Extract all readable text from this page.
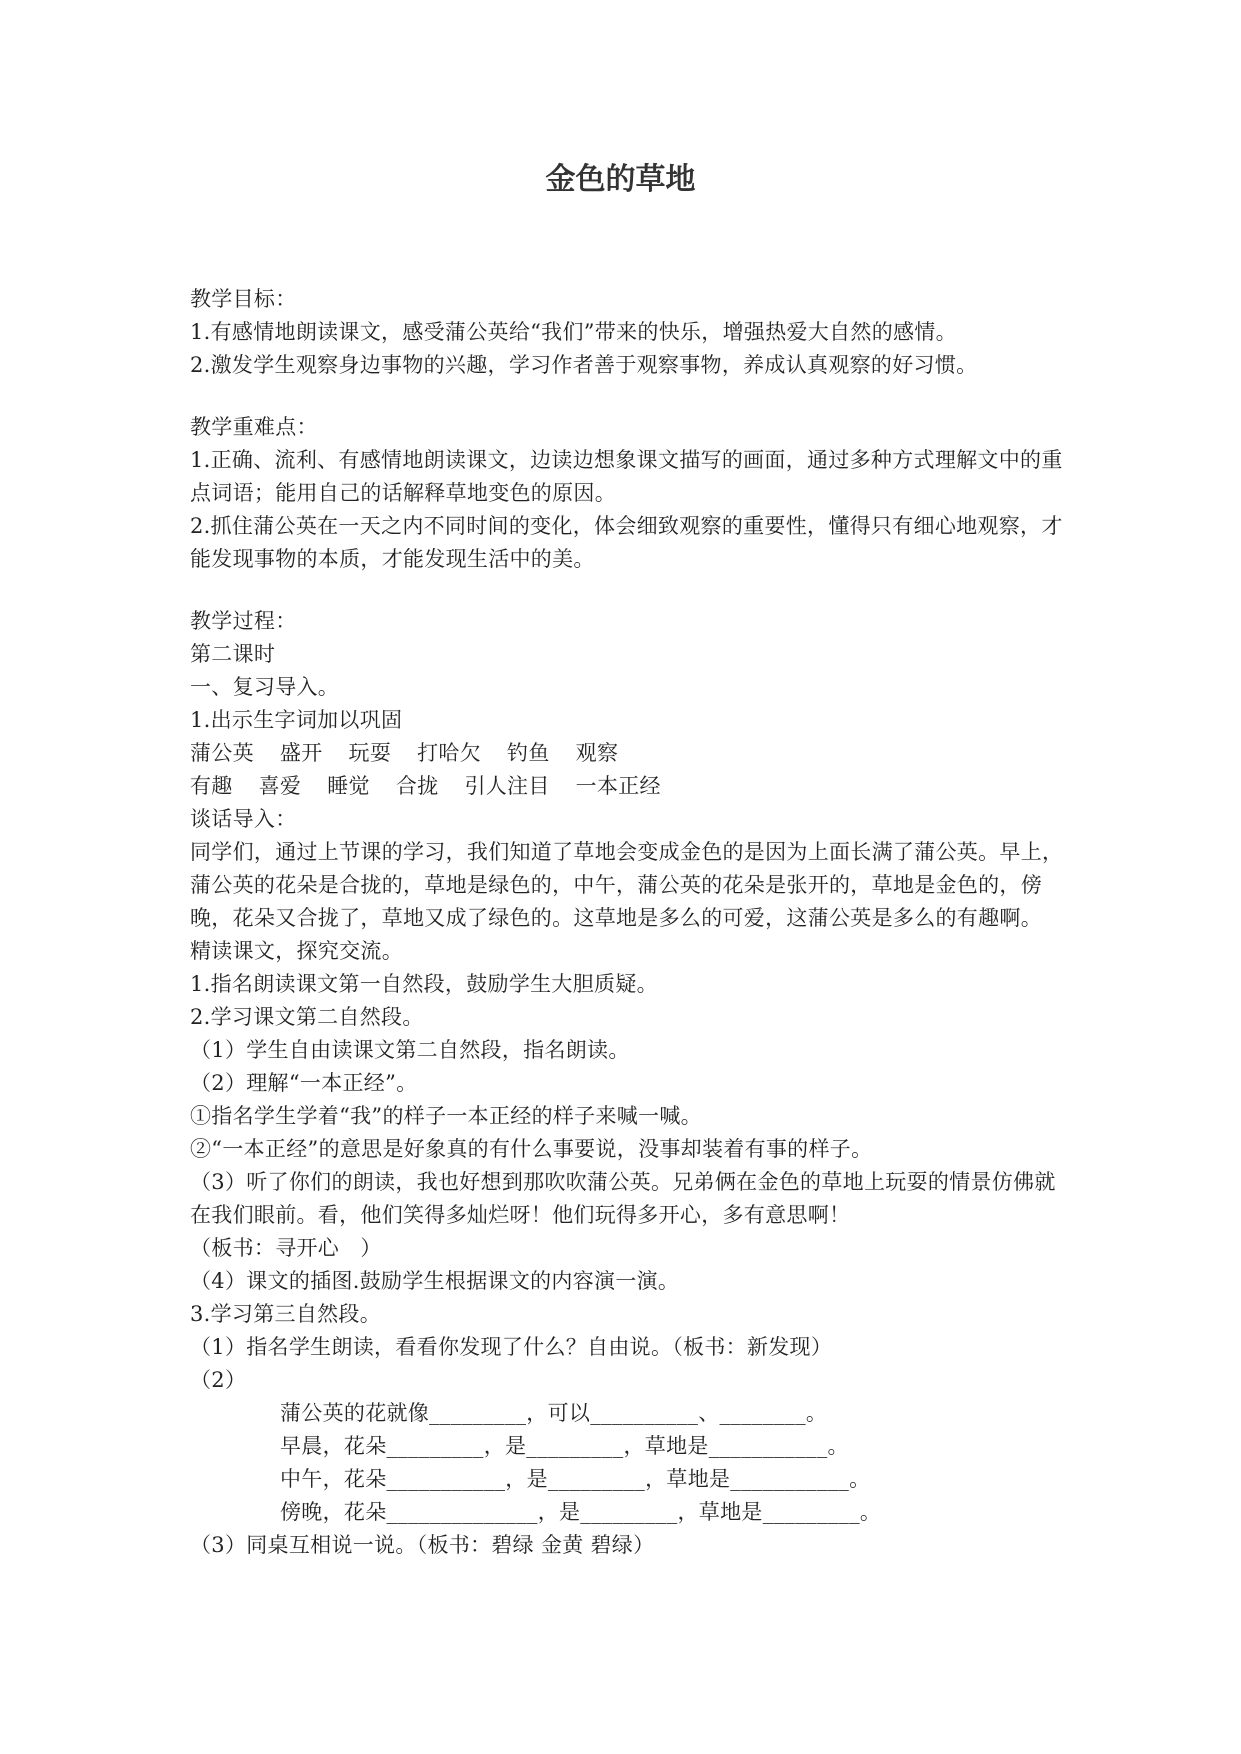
金色的草地
教学目标：
1.有感情地朗读课文，感受蒲公英给“我们”带来的快乐，增强热爱大自然的感情。
2.激发学生观察身边事物的兴趣，学习作者善于观察事物，养成认真观察的好习惯。
教学重难点：
1.正确、流利、有感情地朗读课文，边读边想象课文描写的画面，通过多种方式理解文中的重点词语；能用自己的话解释草地变色的原因。
2.抓住蒲公英在一天之内不同时间的变化，体会细致观察的重要性，懂得只有细心地观察，才能发现事物的本质，才能发现生活中的美。
教学过程：
第二课时
一、复习导入。
1.出示生字词加以巩固
蒲公英 盛开 玩耍 打哈欠 钓鱼 观察
有趣 喜爱 睡觉 合拢 引人注目 一本正经
谈话导入：
同学们，通过上节课的学习，我们知道了草地会变成金色的是因为上面长满了蒲公英。早上，蒲公英的花朵是合拢的，草地是绿色的，中午，蒲公英的花朵是张开的，草地是金色的，傍晚，花朵又合拢了，草地又成了绿色的。这草地是多么的可爱，这蒲公英是多么的有趣啊。
精读课文，探究交流。
1.指名朗读课文第一自然段，鼓励学生大胆质疑。
2.学习课文第二自然段。
（1）学生自由读课文第二自然段，指名朗读。
（2）理解“一本正经”。
①指名学生学着“我”的样子一本正经的样子来喊一喊。
②“一本正经”的意思是好象真的有什么事要说，没事却装着有事的样子。
（3）听了你们的朗读，我也好想到那吹吹蒲公英。兄弟俩在金色的草地上玩耍的情景仿佛就在我们眼前。看，他们笑得多灿烂呀！他们玩得多开心，多有意思啊！
（板书：寻开心　）
（4）课文的插图.鼓励学生根据课文的内容演一演。
3.学习第三自然段。
（1）指名学生朗读，看看你发现了什么？自由说。（板书：新发现）
（2）
蒲公英的花就像_________，可以__________、________。
早晨，花朵_________，是_________，草地是___________。
中午，花朵___________，是_________，草地是___________。
傍晚，花朵______________，是_________，草地是_________。
（3）同桌互相说一说。（板书：碧绿 金黄 碧绿）
